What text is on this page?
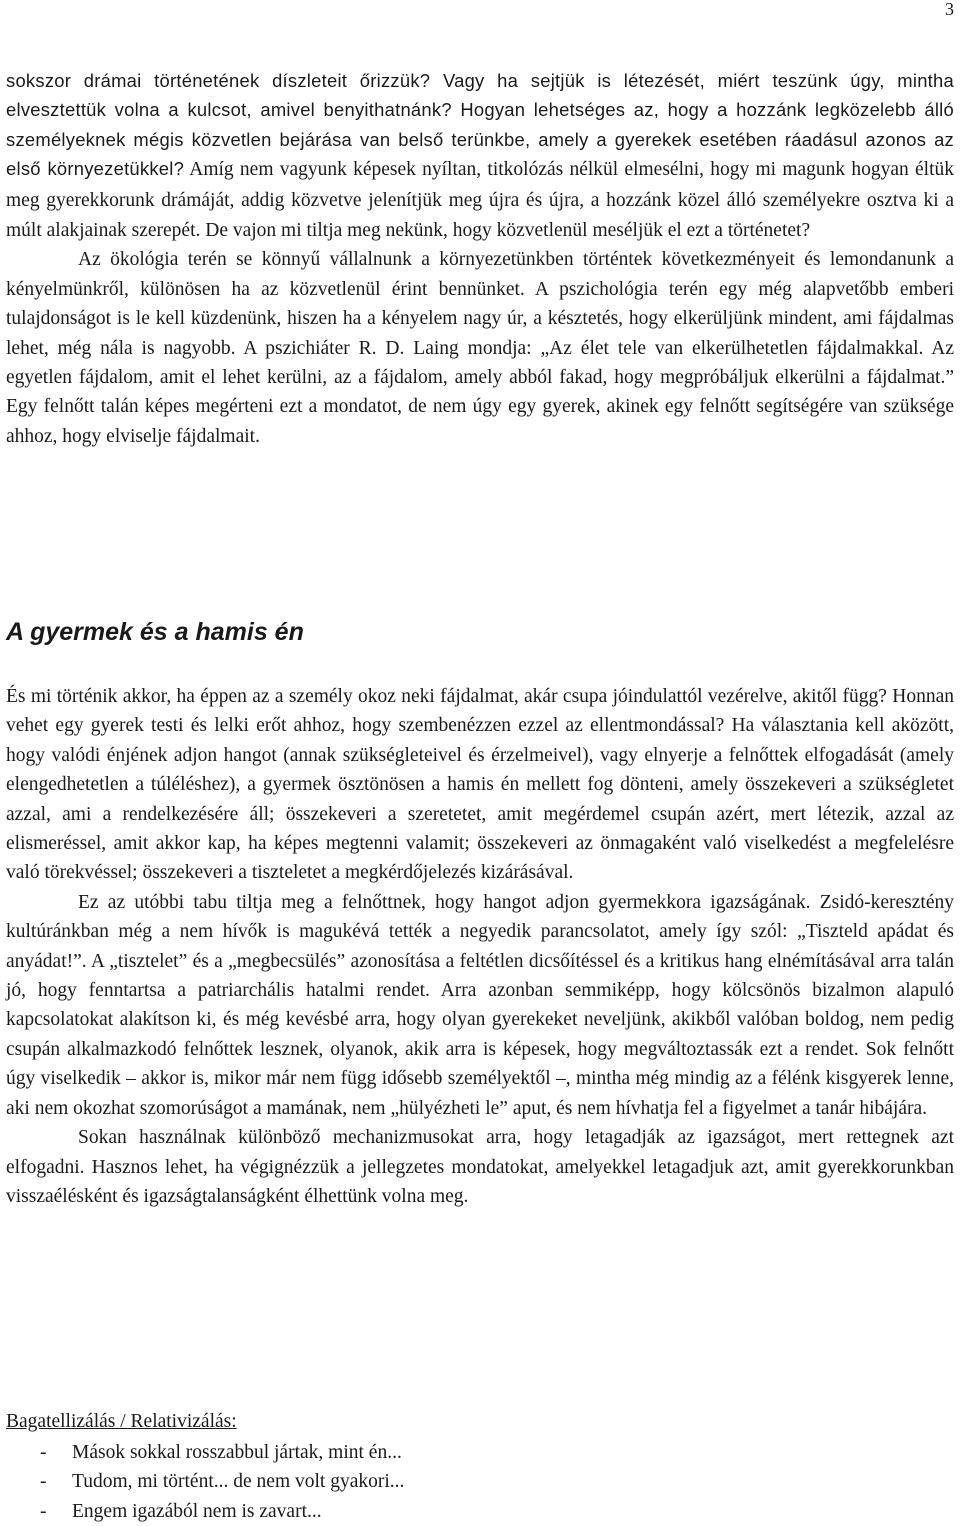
3

sokszor drámai történetének díszleteit őrizzük? Vagy ha sejtjük is létezését, miért teszünk úgy, mintha elvesztettük volna a kulcsot, amivel benyithatnánk? Hogyan lehetséges az, hogy a hozzánk legközelebb álló személyeknek mégis közvetlen bejárása van belső terünkbe, amely a gyerekek esetében ráadásul azonos az első környezetükkel? Amíg nem vagyunk képesek nyíltan, titkolózás nélkül elmesélni, hogy mi magunk hogyan éltük meg gyerekkorunk drámáját, addig közvetve jelenítjük meg újra és újra, a hozzánk közel álló személyekre osztva ki a múlt alakjainak szerepét. De vajon mi tiltja meg nekünk, hogy közvetlenül meséljük el ezt a történetet?

Az ökológia terén se könnyű vállalnunk a környezetünkben történtek következményeit és lemondanunk a kényelmünkről, különösen ha az közvetlenül érint bennünket. A pszichológia terén egy még alapvetőbb emberi tulajdonságot is le kell küzdenünk, hiszen ha a kényelem nagy úr, a késztetés, hogy elkerüljünk mindent, ami fájdalmas lehet, még nála is nagyobb. A pszichiáter R. D. Laing mondja: „Az élet tele van elkerülhetetlen fájdalmakkal. Az egyetlen fájdalom, amit el lehet kerülni, az a fájdalom, amely abból fakad, hogy megpróbáljuk elkerülni a fájdalmat.” Egy felnőtt talán képes megérteni ezt a mondatot, de nem úgy egy gyerek, akinek egy felnőtt segítségére van szüksége ahhoz, hogy elviselje fájdalmait.

A gyermek és a hamis én

És mi történik akkor, ha éppen az a személy okoz neki fájdalmat, akár csupa jóindulattól vezérelve, akitől függ? Honnan vehet egy gyerek testi és lelki erőt ahhoz, hogy szembenézzen ezzel az ellentmondással? Ha választania kell aközött, hogy valódi énjének adjon hangot (annak szükségleteivel és érzelmeivel), vagy elnyerje a felnőttek elfogadását (amely elengedhetetlen a túléléshez), a gyermek ösztönösen a hamis én mellett fog dönteni, amely összekeveri a szükségletet azzal, ami a rendelkezésére áll; összekeveri a szeretetet, amit megérdemel csupán azért, mert létezik, azzal az elismeréssel, amit akkor kap, ha képes megtenni valamit; összekeveri az önmagaként való viselkedést a megfelelésre való törekvéssel; összekeveri a tiszteletet a megkérdőjelezés kizárásával.

Ez az utóbbi tabu tiltja meg a felnőttnek, hogy hangot adjon gyermekkora igazságának. Zsidó-keresztény kultúránkban még a nem hívők is magukévá tették a negyedik parancsolatot, amely így szól: „Tiszteld apádat és anyádat!”. A „tisztelet” és a „megbecsülés” azonosítása a feltétlen dicsőítéssel és a kritikus hang elnémításával arra talán jó, hogy fenntartsa a patriarchális hatalmi rendet. Arra azonban semmiképp, hogy kölcsönös bizalmon alapuló kapcsolatokat alakítson ki, és még kevésbé arra, hogy olyan gyerekeket neveljünk, akikből valóban boldog, nem pedig csupán alkalmazkodó felnőttek lesznek, olyanok, akik arra is képesek, hogy megváltoztassák ezt a rendet. Sok felnőtt úgy viselkedik – akkor is, mikor már nem függ idősebb személyektől –, mintha még mindig az a félénk kisgyerek lenne, aki nem okozhat szomorúságot a mamának, nem „hülyézheti le” aput, és nem hívhatja fel a figyelmet a tanár hibájára.

Sokan használnak különböző mechanizmusokat arra, hogy letagadják az igazságot, mert rettegnek azt elfogadni. Hasznos lehet, ha végignézzük a jellegzetes mondatokat, amelyekkel letagadjuk azt, amit gyerekkorunkban visszaélésként és igazságtalanságként élhettünk volna meg.

Bagatellizálás / Relativizálás:
- Mások sokkal rosszabbul jártak, mint én...
- Tudom, mi történt... de nem volt gyakori...
- Engem igazából nem is zavart...
